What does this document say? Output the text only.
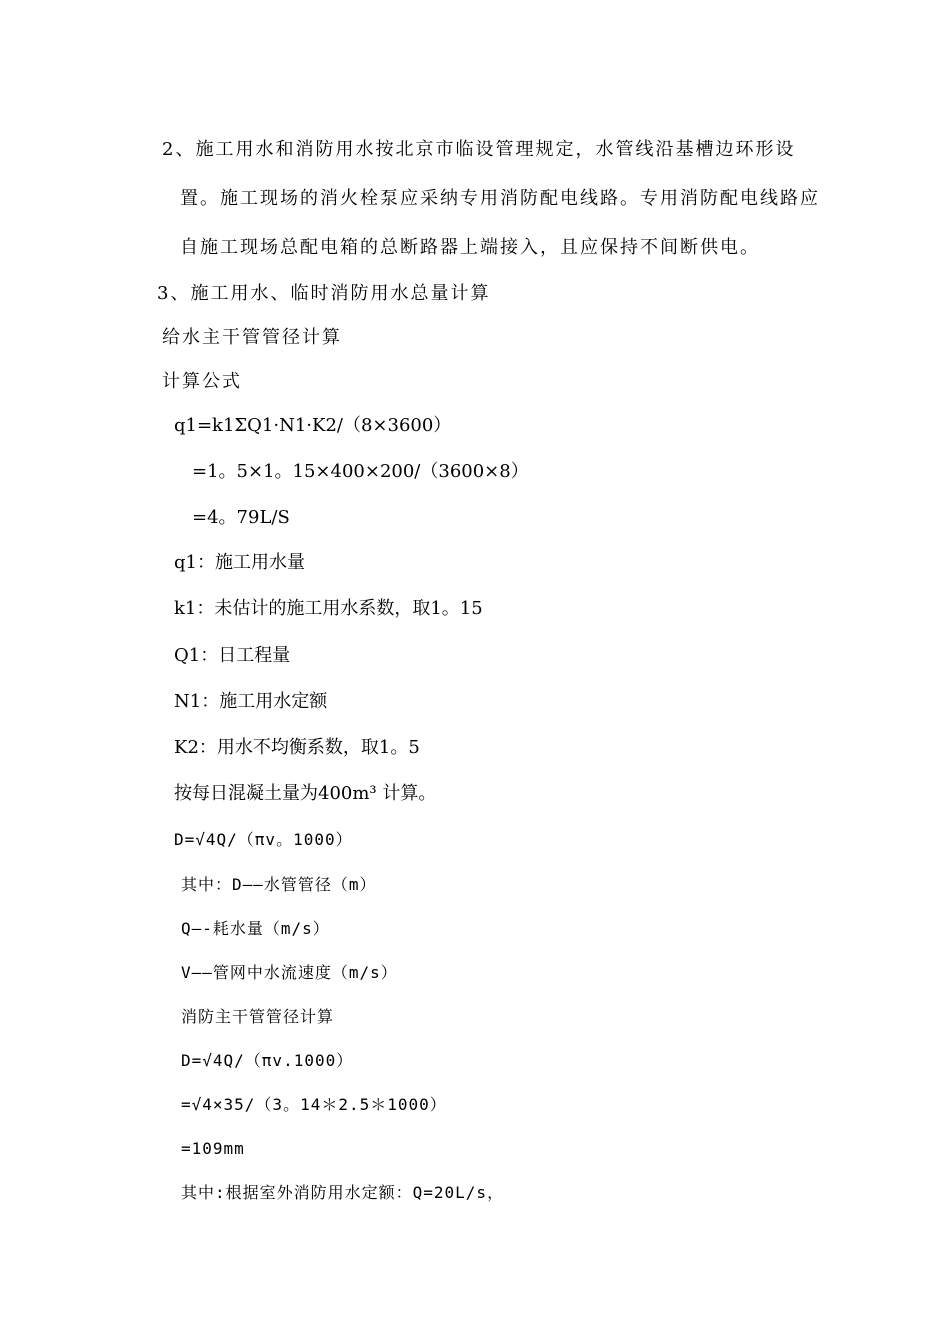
2、施工用水和消防用水按北京市临设管理规定，水管线沿基槽边环形设
置。施工现场的消火栓泵应采纳专用消防配电线路。专用消防配电线路应
自施工现场总配电箱的总断路器上端接入，且应保持不间断供电。
3、施工用水、临时消防用水总量计算
给水主干管管径计算
计算公式
q1=k1ΣQ1·N1·K2/（8×3600）
=1。5×1。15×400×200/（3600×8）
=4。79L/S
q1：施工用水量
k1：未估计的施工用水系数，取1。15
Q1：日工程量
N1：施工用水定额
K2：用水不均衡系数，取1。5
按每日混凝土量为400m³ 计算。
D=√4Q/（πv。1000）
其中：D——水管管径（m）
Q—-耗水量（m/s）
V——管网中水流速度（m/s）
消防主干管管径计算
D=√4Q/（πv.1000）
=√4×35/（3。14＊2.5＊1000）
=109mm
其中:根据室外消防用水定额：Q=20L/s，
